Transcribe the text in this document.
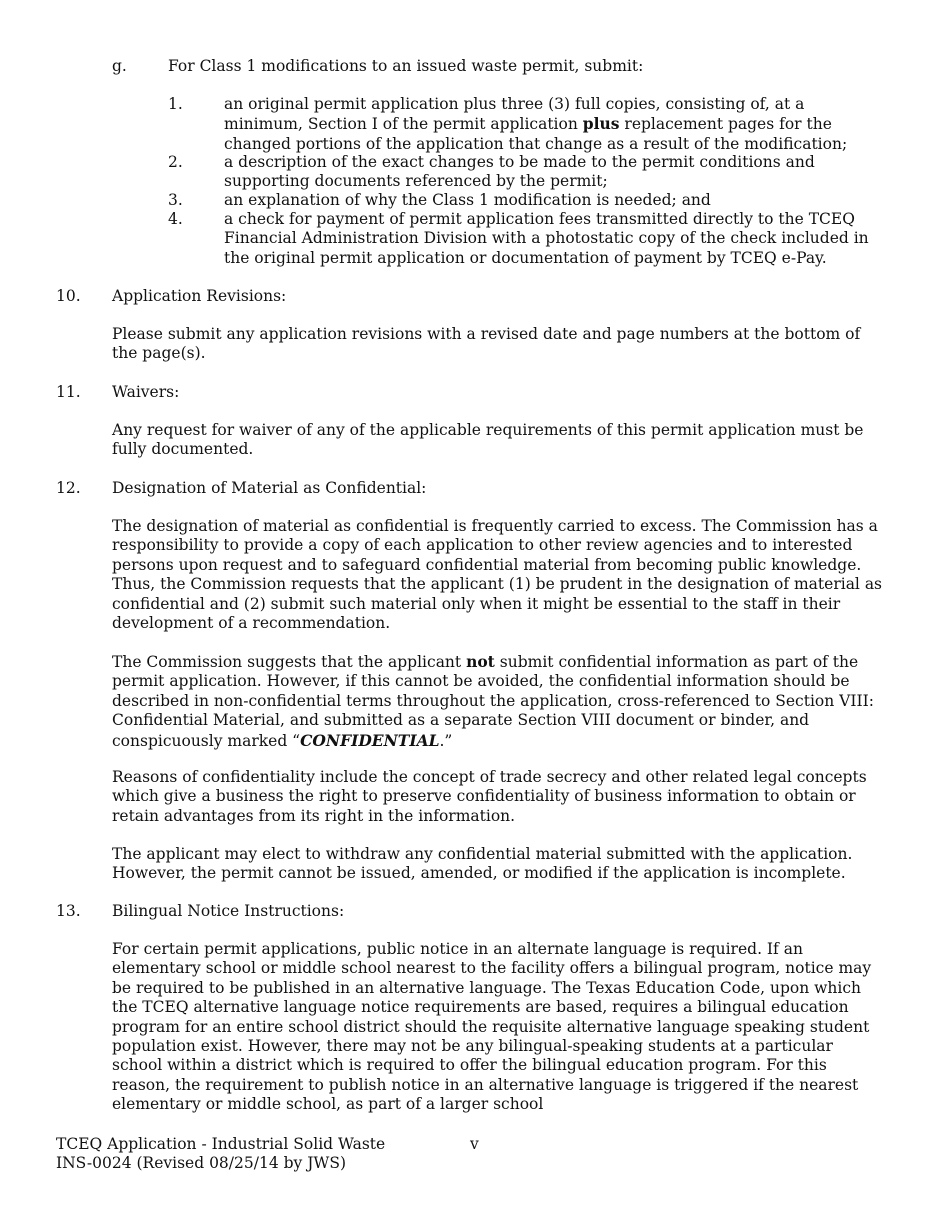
g.	For Class 1 modifications to an issued waste permit, submit:
1.	an original permit application plus three (3) full copies, consisting of, at a minimum, Section I of the permit application plus replacement pages for the changed portions of the application that change as a result of the modification;

2.	a description of the exact changes to be made to the permit conditions and supporting documents referenced by the permit;

3.	an explanation of why the Class 1 modification is needed; and

4.	a check for payment of permit application fees transmitted directly to the TCEQ Financial Administration Division with a photostatic copy of the check included in the original permit application or documentation of payment by TCEQ e-Pay.

10. Application Revisions:

Please submit any application revisions with a revised date and page numbers at the bottom of the page(s).

11. Waivers:

Any request for waiver of any of the applicable requirements of this permit application must be fully documented.

12. Designation of Material as Confidential:

The designation of material as confidential is frequently carried to excess. The Commission has a responsibility to provide a copy of each application to other review agencies and to interested persons upon request and to safeguard confidential material from becoming public knowledge. Thus, the Commission requests that the applicant (1) be prudent in the designation of material as confidential and (2) submit such material only when it might be essential to the staff in their development of a recommendation.

The Commission suggests that the applicant not submit confidential information as part of the permit application. However, if this cannot be avoided, the confidential information should be described in non-confidential terms throughout the application, cross-referenced to Section VIII: Confidential Material, and submitted as a separate Section VIII document or binder, and conspicuously marked “CONFIDENTIAL.”

Reasons of confidentiality include the concept of trade secrecy and other related legal concepts which give a business the right to preserve confidentiality of business information to obtain or retain advantages from its right in the information.

The applicant may elect to withdraw any confidential material submitted with the application. However, the permit cannot be issued, amended, or modified if the application is incomplete.

13. Bilingual Notice Instructions:

For certain permit applications, public notice in an alternate language is required. If an elementary school or middle school nearest to the facility offers a bilingual program, notice may be required to be published in an alternative language. The Texas Education Code, upon which the TCEQ alternative language notice requirements are based, requires a bilingual education program for an entire school district should the requisite alternative language speaking student population exist. However, there may not be any bilingual-speaking students at a particular school within a district which is required to offer the bilingual education program. For this reason, the requirement to publish notice in an alternative language is triggered if the nearest elementary or middle school, as part of a larger school

TCEQ Application - Industrial Solid Waste
INS-0024 (Revised 08/25/14 by JWS)
v
